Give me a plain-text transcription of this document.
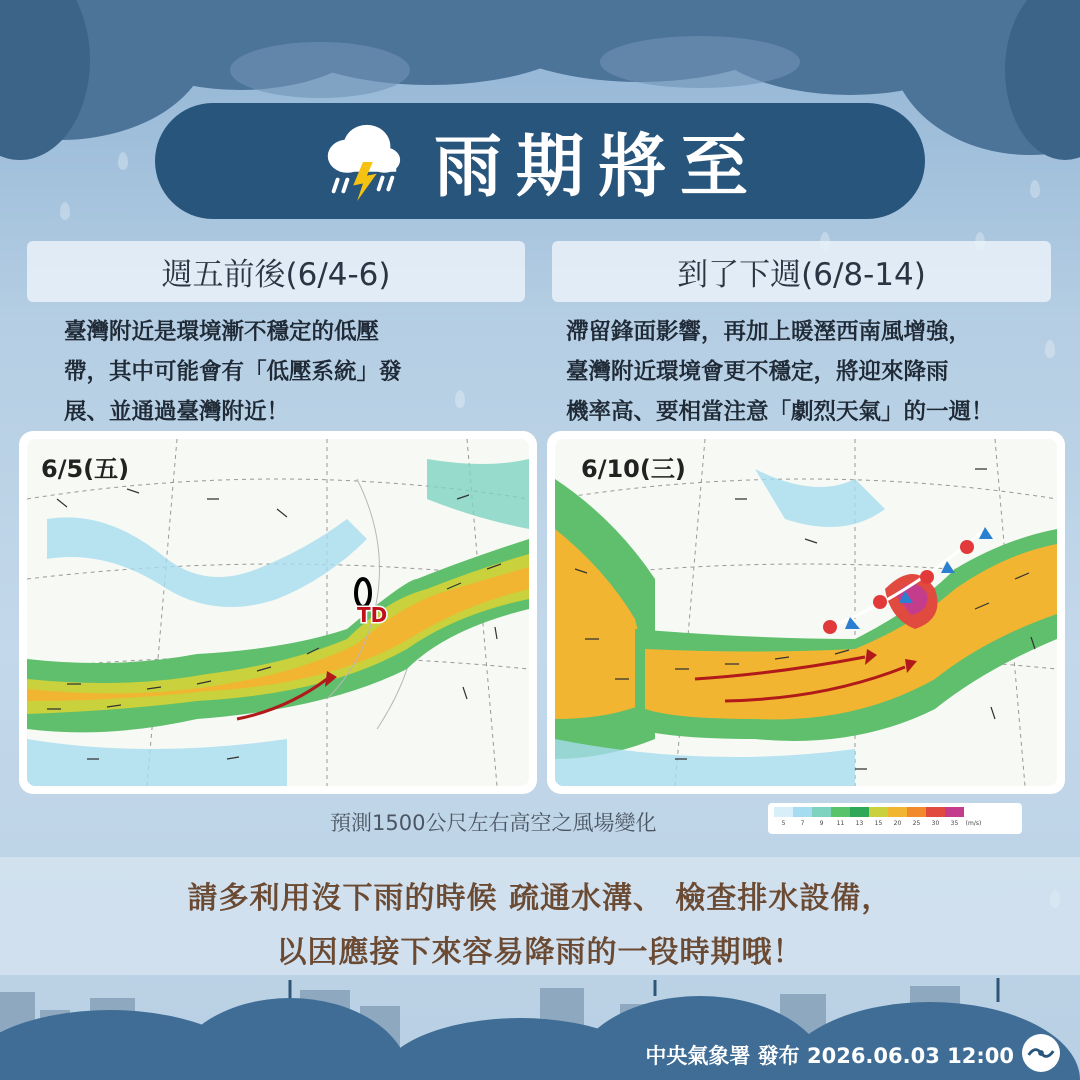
雨期將至
週五前後(6/4-6)	到了下週(6/8-14)
臺灣附近是環境漸不穩定的低壓
帶，其中可能會有「低壓系統」發
展、並通過臺灣附近！
滯留鋒面影響，再加上暖溼西南風增強，
臺灣附近環境會更不穩定，將迎來降雨
機率高、要相當注意「劇烈天氣」的一週！
TD
6/5(五)	6/10(三)
預測1500公尺左右高空之風場變化	5	7	9	11	13	15	20	25	30	35	(m/s)
請多利用沒下雨的時候 疏通水溝、 檢查排水設備，
以因應接下來容易降雨的一段時期哦！
中央氣象署 發布 2026.06.03 12:00
